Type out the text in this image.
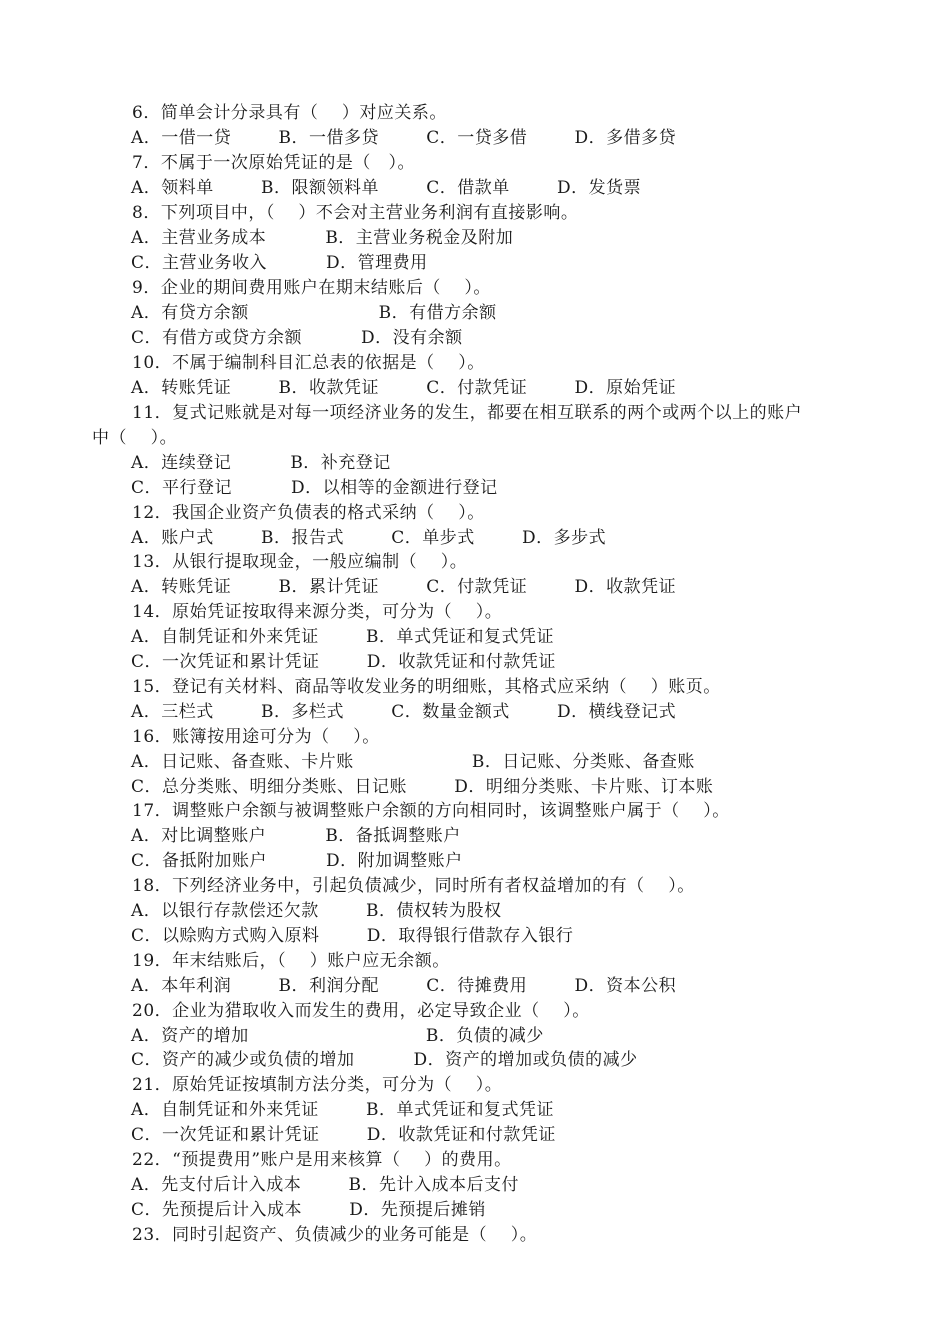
6．简单会计分录具有（    ）对应关系。
A．一借一贷        B．一借多贷        C．一贷多借        D．多借多贷
7．不属于一次原始凭证的是（   ）。
A．领料单        B．限额领料单        C．借款单        D．发货票
8．下列项目中，（    ）不会对主营业务利润有直接影响。
A．主营业务成本          B．主营业务税金及附加
C．主营业务收入          D．管理费用
9．企业的期间费用账户在期末结账后（    ）。
A．有贷方余额                      B．有借方余额
C．有借方或贷方余额          D．没有余额
10．不属于编制科目汇总表的依据是（    ）。
A．转账凭证        B．收款凭证        C．付款凭证        D．原始凭证
11．复式记账就是对每一项经济业务的发生，都要在相互联系的两个或两个以上的账户
中（    ）。
A．连续登记          B．补充登记
C．平行登记          D．以相等的金额进行登记
12．我国企业资产负债表的格式采纳（    ）。
A．账户式        B．报告式        C．单步式        D．多步式
13．从银行提取现金，一般应编制（    ）。
A．转账凭证        B．累计凭证        C．付款凭证        D．收款凭证
14．原始凭证按取得来源分类，可分为（    ）。
A．自制凭证和外来凭证        B．单式凭证和复式凭证
C．一次凭证和累计凭证        D．收款凭证和付款凭证
15．登记有关材料、商品等收发业务的明细账，其格式应采纳（    ）账页。
A．三栏式        B．多栏式        C．数量金额式        D．横线登记式
16．账簿按用途可分为（    ）。
A．日记账、备查账、卡片账                    B．日记账、分类账、备查账
C．总分类账、明细分类账、日记账        D．明细分类账、卡片账、订本账
17．调整账户余额与被调整账户余额的方向相同时，该调整账户属于（    ）。
A．对比调整账户          B．备抵调整账户
C．备抵附加账户          D．附加调整账户
18．下列经济业务中，引起负债减少，同时所有者权益增加的有（    ）。
A．以银行存款偿还欠款        B．债权转为股权
C．以赊购方式购入原料        D．取得银行借款存入银行
19．年末结账后，（    ）账户应无余额。
A．本年利润        B．利润分配        C．待摊费用        D．资本公积
20．企业为猎取收入而发生的费用，必定导致企业（    ）。
A．资产的增加                              B．负债的减少
C．资产的减少或负债的增加          D．资产的增加或负债的减少
21．原始凭证按填制方法分类，可分为（    ）。
A．自制凭证和外来凭证        B．单式凭证和复式凭证
C．一次凭证和累计凭证        D．收款凭证和付款凭证
22．“预提费用”账户是用来核算（    ）的费用。
A．先支付后计入成本        B．先计入成本后支付
C．先预提后计入成本        D．先预提后摊销
23．同时引起资产、负债减少的业务可能是（    ）。
